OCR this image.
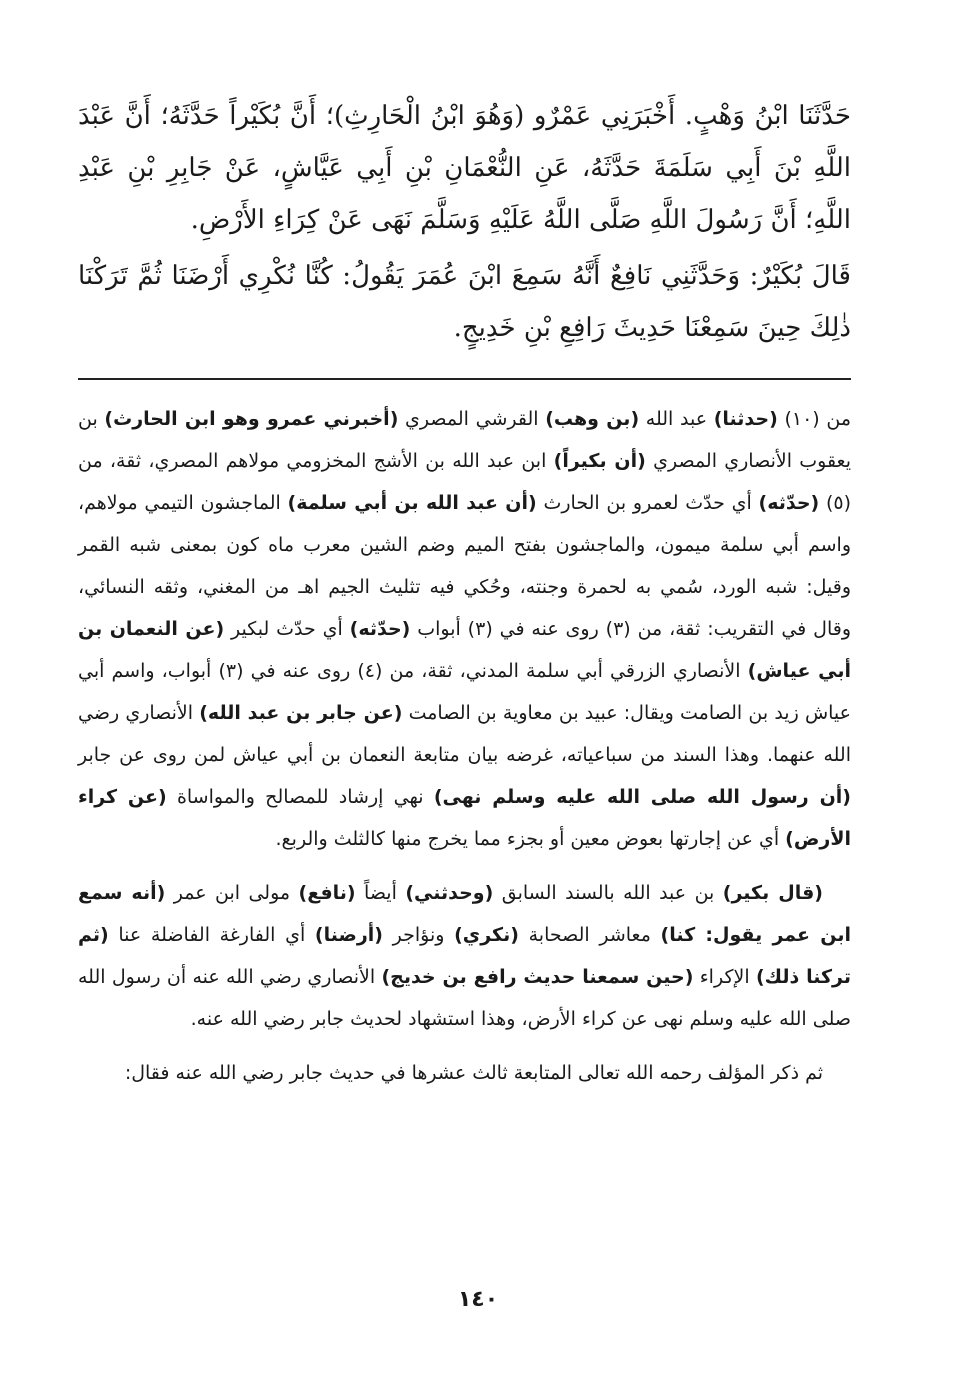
حَدَّثَنَا ابْنُ وَهْبٍ. أَخْبَرَنِي عَمْرٌو (وَهُوَ ابْنُ الْحَارِثِ)؛ أَنَّ بُكَيْراً حَدَّثَهُ؛ أَنَّ عَبْدَ اللَّهِ بْنَ أَبِي سَلَمَةَ حَدَّثَهُ، عَنِ النُّعْمَانِ بْنِ أَبِي عَيَّاشٍ، عَنْ جَابِرِ بْنِ عَبْدِ اللَّهِ؛ أَنَّ رَسُولَ اللَّهِ صَلَّى اللَّهُ عَلَيْهِ وَسَلَّمَ نَهَى عَنْ كِرَاءِ الأَرْضِ.

قَالَ بُكَيْرٌ: وَحَدَّثَنِي نَافِعٌ أَنَّهُ سَمِعَ ابْنَ عُمَرَ يَقُولُ: كُنَّا نُكْرِي أَرْضَنَا ثُمَّ تَرَكْنَا ذٰلِكَ حِينَ سَمِعْنَا حَدِيثَ رَافِعِ بْنِ خَدِيجٍ.

من (١٠) (حدثنا) عبد الله (بن وهب) القرشي المصري (أخبرني عمرو وهو ابن الحارث) بن يعقوب الأنصاري المصري (أن بكيراً) ابن عبد الله بن الأشج المخزومي مولاهم المصري، ثقة، من (٥) (حدّثه) أي حدّث لعمرو بن الحارث (أن عبد الله بن أبي سلمة) الماجشون التيمي مولاهم، واسم أبي سلمة ميمون، والماجشون بفتح الميم وضم الشين معرب ماه كون بمعنى شبه القمر وقيل: شبه الورد، سُمي به لحمرة وجنته، وحُكي فيه تثليث الجيم اهـ من المغني، وثقه النسائي، وقال في التقريب: ثقة، من (٣) روى عنه في (٣) أبواب (حدّثه) أي حدّث لبكير (عن النعمان بن أبي عياش) الأنصاري الزرقي أبي سلمة المدني، ثقة، من (٤) روى عنه في (٣) أبواب، واسم أبي عياش زيد بن الصامت ويقال: عبيد بن معاوية بن الصامت (عن جابر بن عبد الله) الأنصاري رضي الله عنهما. وهذا السند من سباعياته، غرضه بيان متابعة النعمان بن أبي عياش لمن روى عن جابر (أن رسول الله صلى الله عليه وسلم نهى) نهي إرشاد للمصالح والمواساة (عن كراء الأرض) أي عن إجارتها بعوض معين أو بجزء مما يخرج منها كالثلث والربع.

(قال بكير) بن عبد الله بالسند السابق (وحدثني) أيضاً (نافع) مولى ابن عمر (أنه سمع ابن عمر يقول: كنا) معاشر الصحابة (نكري) ونؤاجر (أرضنا) أي الفارغة الفاضلة عنا (ثم تركنا ذلك) الإكراء (حين سمعنا حديث رافع بن خديج) الأنصاري رضي الله عنه أن رسول الله صلى الله عليه وسلم نهى عن كراء الأرض، وهذا استشهاد لحديث جابر رضي الله عنه.

ثم ذكر المؤلف رحمه الله تعالى المتابعة ثالث عشرها في حديث جابر رضي الله عنه فقال:

١٤٠
